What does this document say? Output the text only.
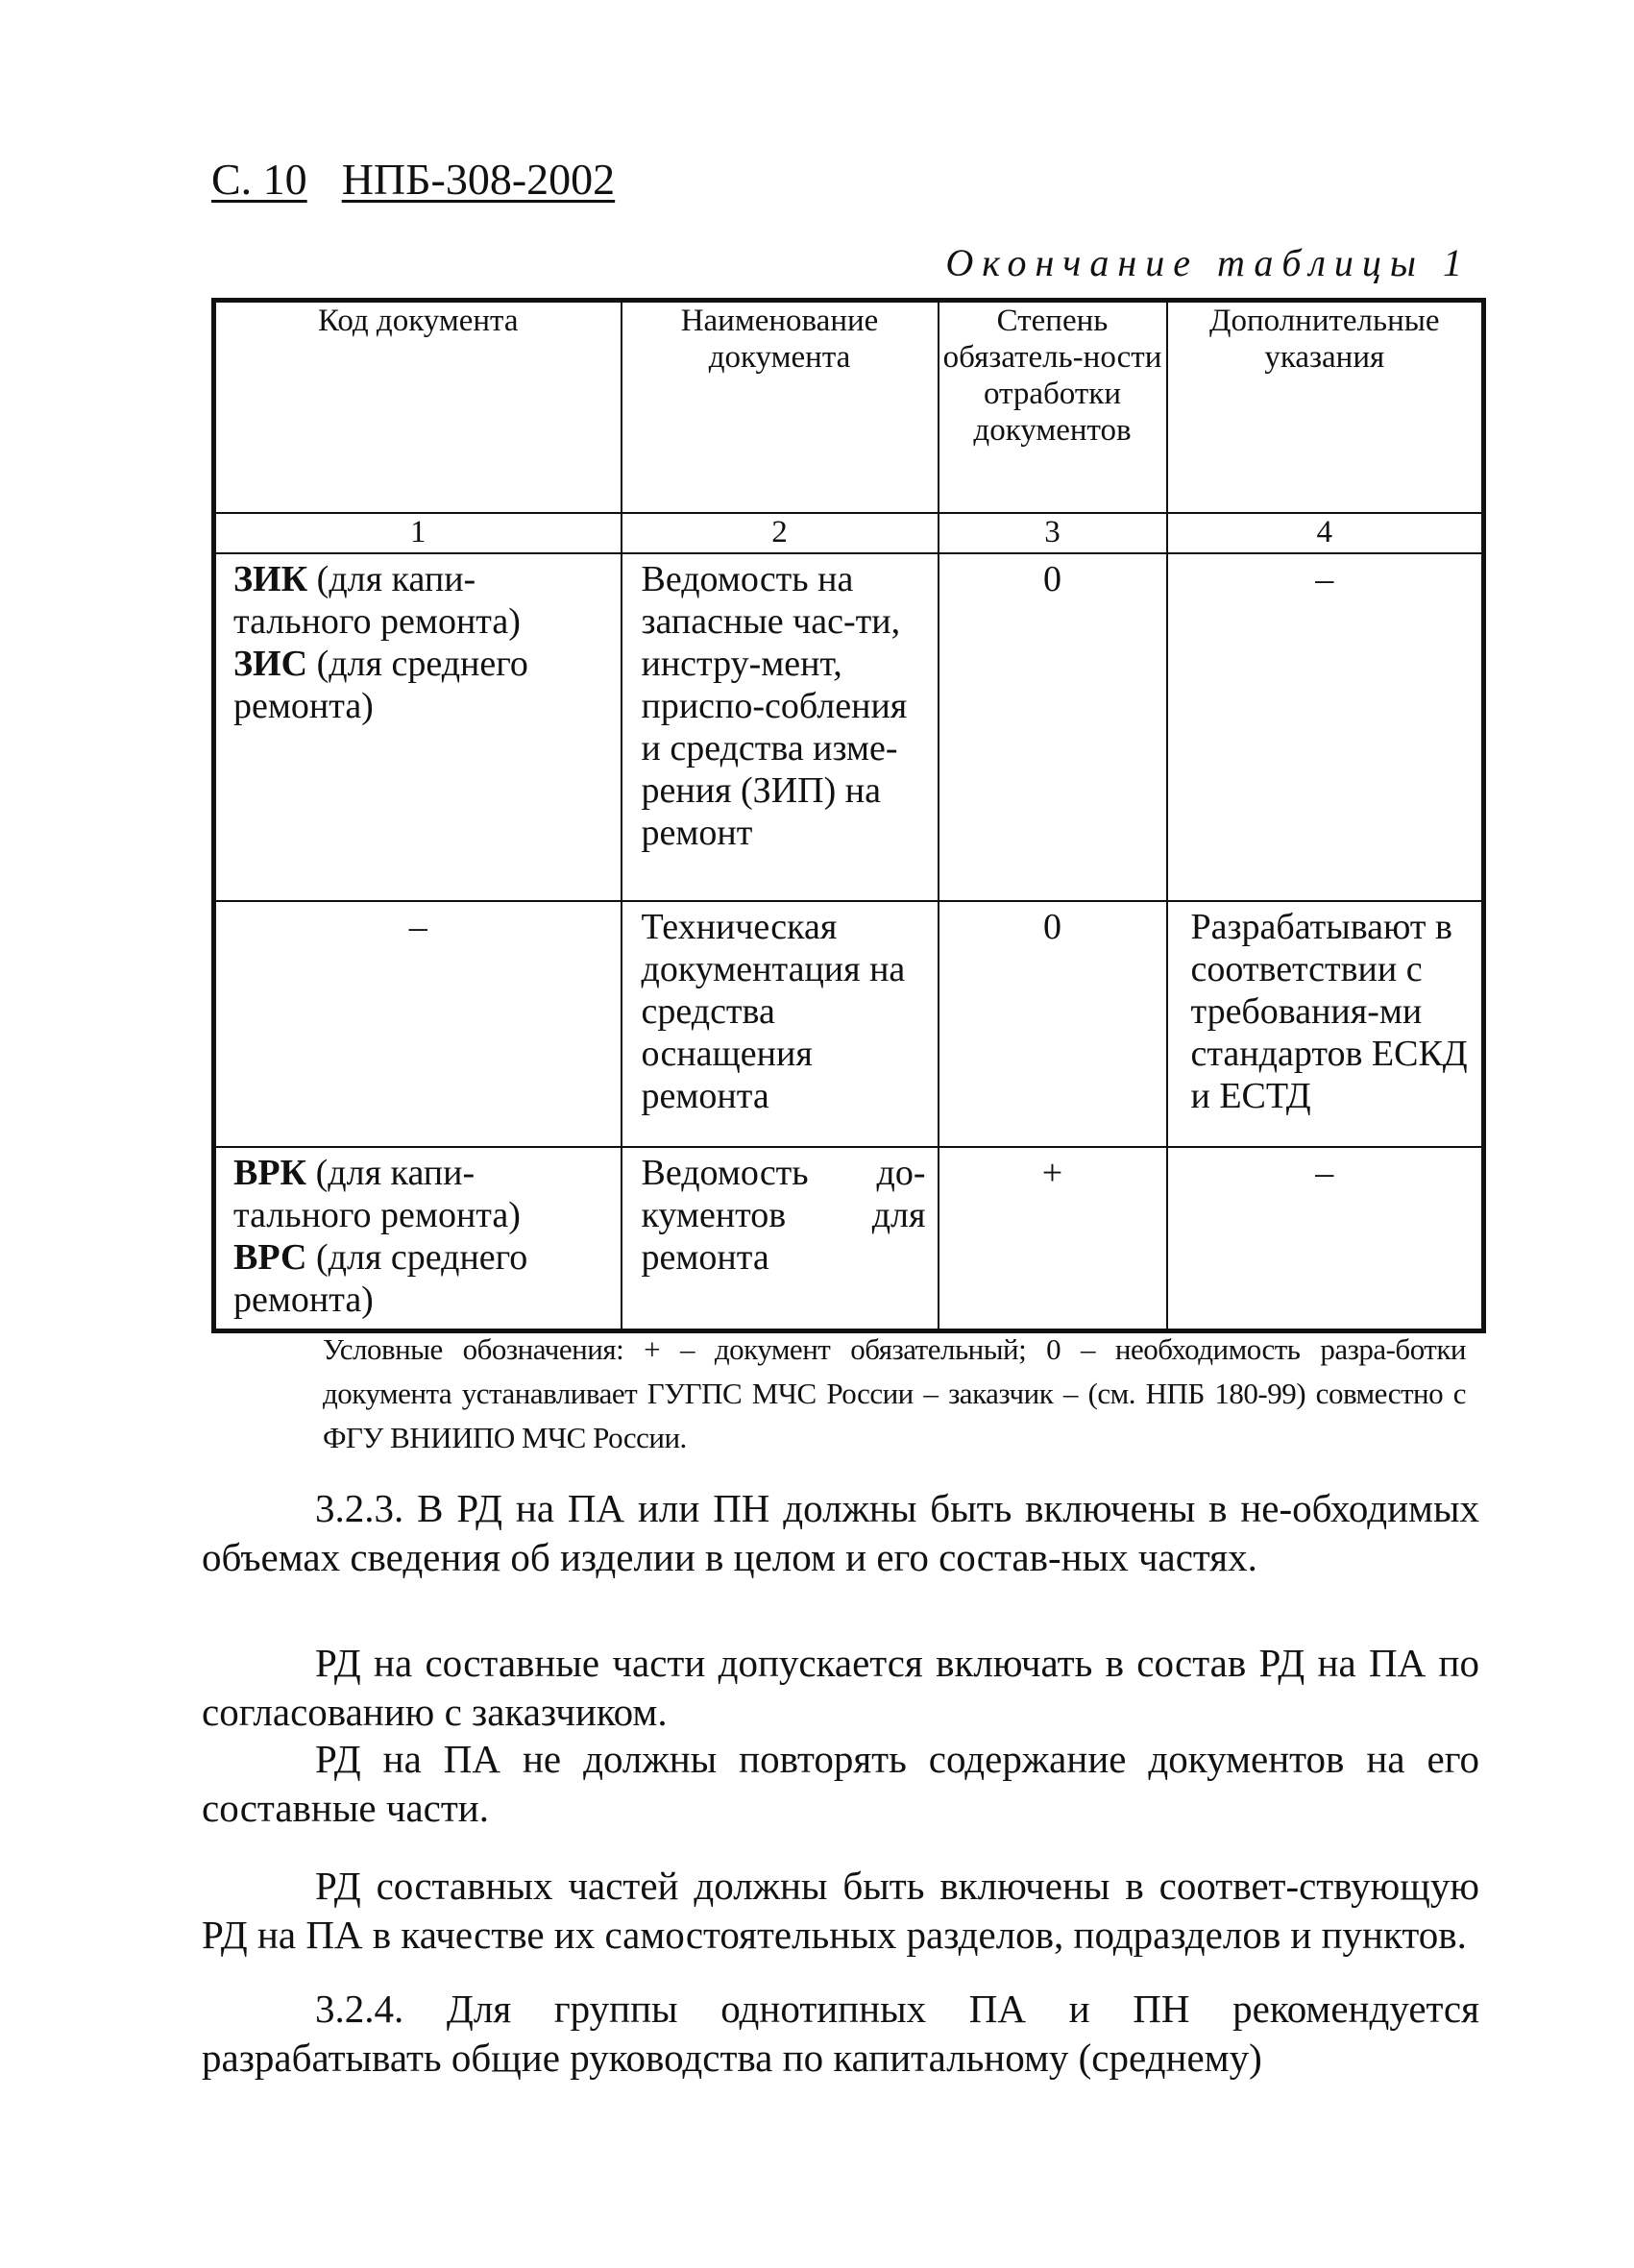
С. 10 НПБ-308-2002
Окончание таблицы 1
Код документа	Наименование документа	Степень обязатель-ности отработки документов	Дополнительные указания
1	2	3	4
ЗИК (для капи-тального ремонта)
ЗИС (для среднего ремонта)	Ведомость на запасные час-ти, инстру-мент, приспо-собления и средства изме-рения (ЗИП) на ремонт	0	–
–	Техническая документация на средства оснащения ремонта	0	Разрабатывают в соответствии с требования-ми стандартов ЕСКД и ЕСТД
ВРК (для капи-тального ремонта)
ВРС (для среднего ремонта)	Ведомость до-кументов для ремонта	+	–
Условные обозначения: + – документ обязательный; 0 – необходимость разра-ботки документа устанавливает ГУГПС МЧС России – заказчик – (см. НПБ 180-99) совместно с ФГУ ВНИИПО МЧС России.

3.2.3. В РД на ПА или ПН должны быть включены в не-обходимых объемах сведения об изделии в целом и его состав-ных частях.

РД на составные части допускается включать в состав РД на ПА по согласованию с заказчиком.

РД на ПА не должны повторять содержание документов на его составные части.

РД составных частей должны быть включены в соответ-ствующую РД на ПА в качестве их самостоятельных разделов, подразделов и пунктов.

3.2.4. Для группы однотипных ПА и ПН рекомендуется разрабатывать общие руководства по капитальному (среднему)
